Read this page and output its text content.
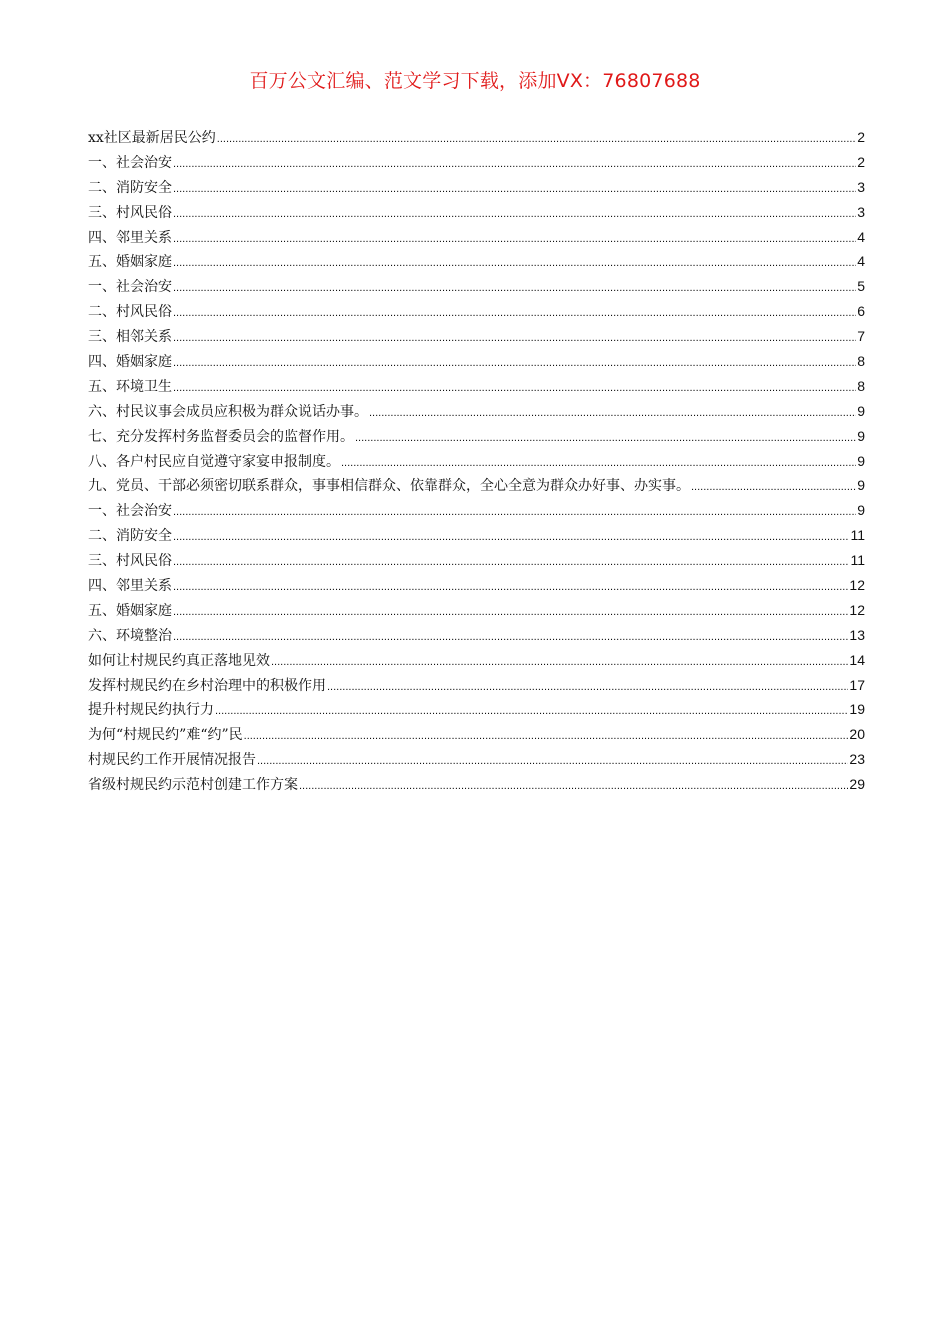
百万公文汇编、范文学习下载，添加VX：76807688
xx社区最新居民公约 .....	2
一、社会治安 .....	2
二、消防安全 .....	3
三、村风民俗 .....	3
四、邻里关系 .....	4
五、婚姻家庭 .....	4
一、社会治安 .....	5
二、村风民俗 .....	6
三、相邻关系 .....	7
四、婚姻家庭 .....	8
五、环境卫生 .....	8
六、村民议事会成员应积极为群众说话办事。 .....	9
七、充分发挥村务监督委员会的监督作用。 .....	9
八、各户村民应自觉遵守家宴申报制度。 .....	9
九、党员、干部必须密切联系群众，事事相信群众、依靠群众，全心全意为群众办好事、办实事。 .....	9
一、社会治安 .....	9
二、消防安全 .....	11
三、村风民俗 .....	11
四、邻里关系 .....	12
五、婚姻家庭 .....	12
六、环境整治 .....	13
如何让村规民约真正落地见效 .....	14
发挥村规民约在乡村治理中的积极作用 .....	17
提升村规民约执行力 .....	19
为何“村规民约”难“约”民 .....	20
村规民约工作开展情况报告 .....	23
省级村规民约示范村创建工作方案 .....	29
